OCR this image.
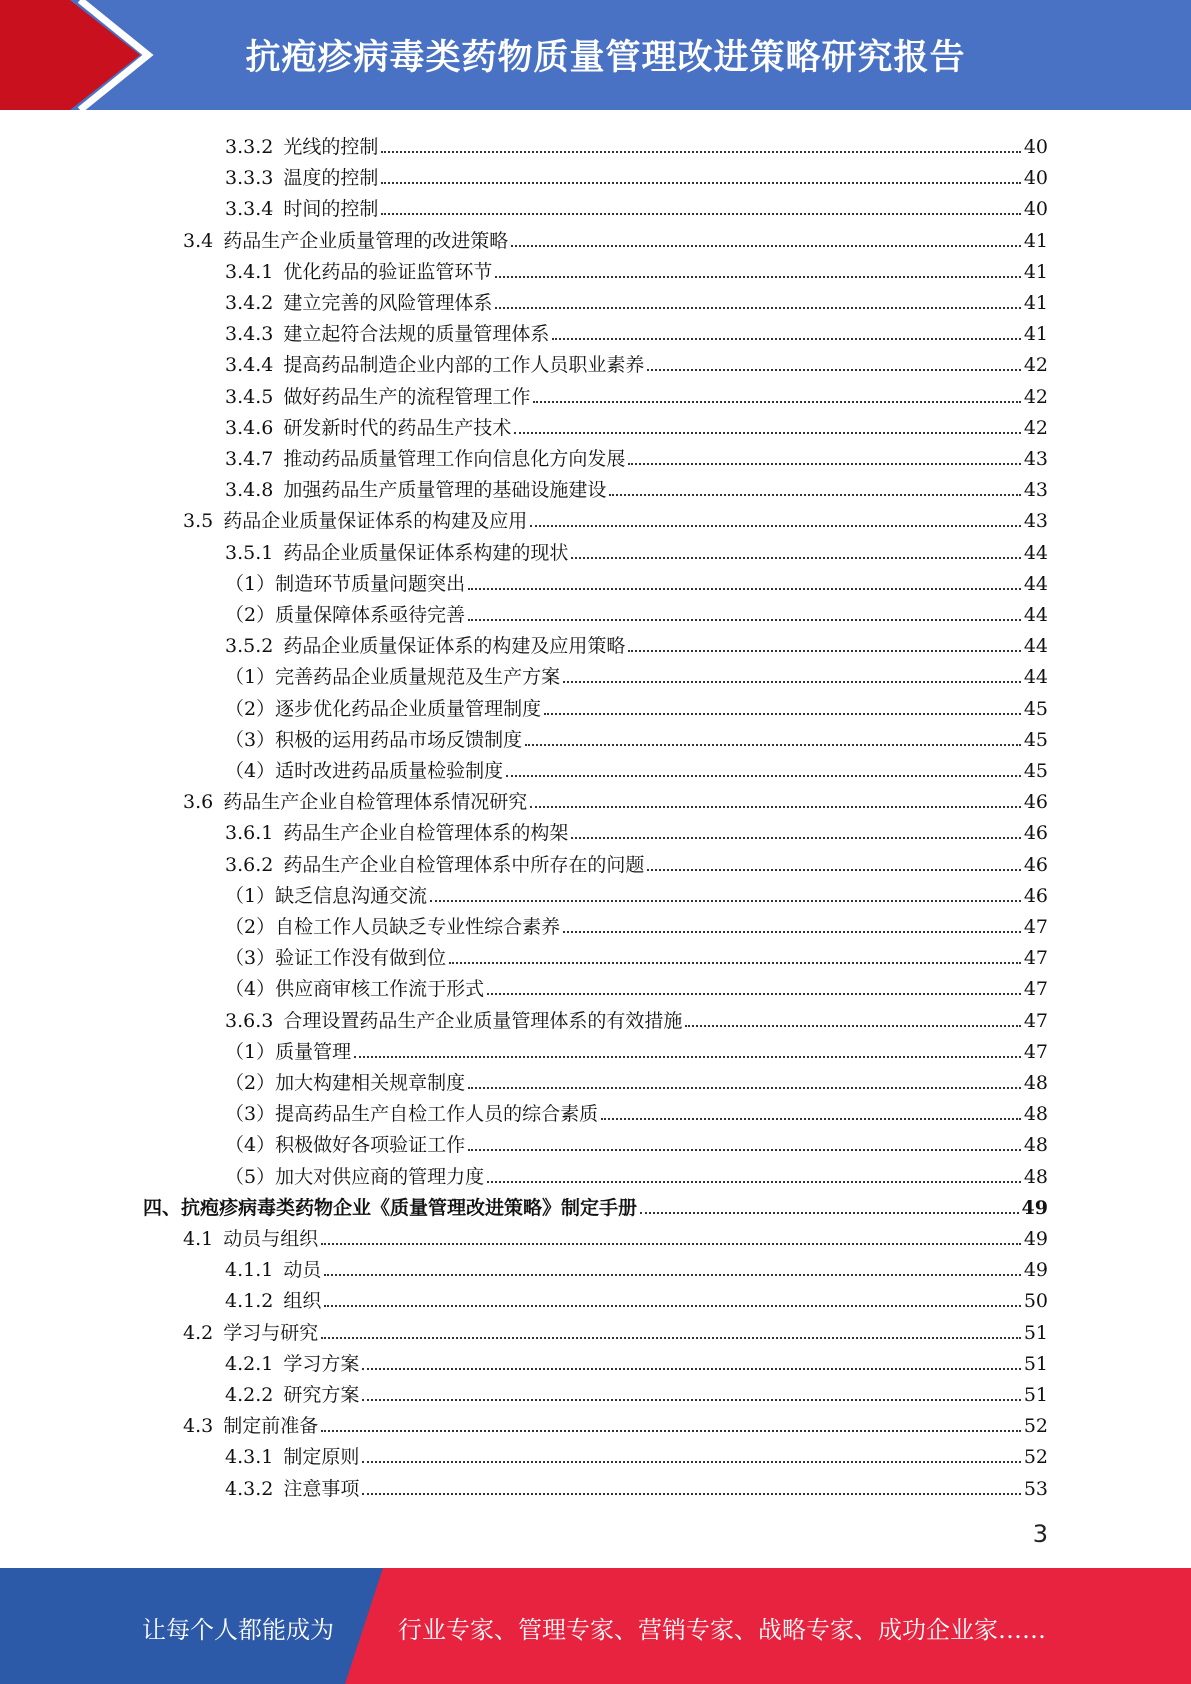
抗疱疹病毒类药物质量管理改进策略研究报告
3.3.2 光线的控制	40
3.3.3 温度的控制	40
3.3.4 时间的控制	40
3.4 药品生产企业质量管理的改进策略	41
3.4.1 优化药品的验证监管环节	41
3.4.2 建立完善的风险管理体系	41
3.4.3 建立起符合法规的质量管理体系	41
3.4.4 提高药品制造企业内部的工作人员职业素养	42
3.4.5 做好药品生产的流程管理工作	42
3.4.6 研发新时代的药品生产技术	42
3.4.7 推动药品质量管理工作向信息化方向发展	43
3.4.8 加强药品生产质量管理的基础设施建设	43
3.5 药品企业质量保证体系的构建及应用	43
3.5.1 药品企业质量保证体系构建的现状	44
（1）制造环节质量问题突出	44
（2）质量保障体系亟待完善	44
3.5.2 药品企业质量保证体系的构建及应用策略	44
（1）完善药品企业质量规范及生产方案	44
（2）逐步优化药品企业质量管理制度	45
（3）积极的运用药品市场反馈制度	45
（4）适时改进药品质量检验制度	45
3.6 药品生产企业自检管理体系情况研究	46
3.6.1 药品生产企业自检管理体系的构架	46
3.6.2 药品生产企业自检管理体系中所存在的问题	46
（1）缺乏信息沟通交流	46
（2）自检工作人员缺乏专业性综合素养	47
（3）验证工作没有做到位	47
（4）供应商审核工作流于形式	47
3.6.3 合理设置药品生产企业质量管理体系的有效措施	47
（1）质量管理	47
（2）加大构建相关规章制度	48
（3）提高药品生产自检工作人员的综合素质	48
（4）积极做好各项验证工作	48
（5）加大对供应商的管理力度	48
四、抗疱疹病毒类药物企业《质量管理改进策略》制定手册	49
4.1 动员与组织	49
4.1.1 动员	49
4.1.2 组织	50
4.2 学习与研究	51
4.2.1 学习方案	51
4.2.2 研究方案	51
4.3 制定前准备	52
4.3.1 制定原则	52
4.3.2 注意事项	53
3
让每个人都能成为	行业专家、管理专家、营销专家、战略专家、成功企业家……
